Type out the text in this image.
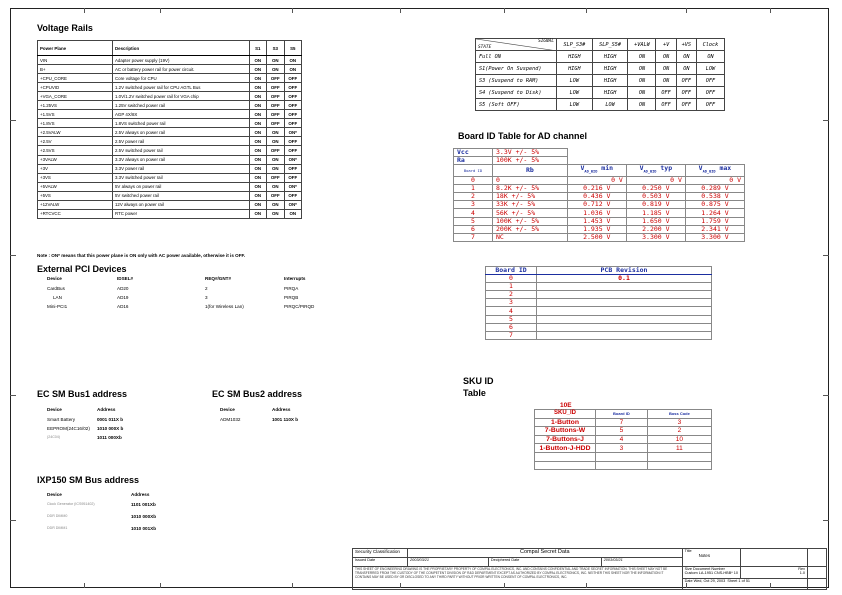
Voltage Rails
Power Plane	Description	S1	S3	S5
VIN	Adapter power supply (19V)	ON	ON	ON
B+	AC or battery power rail for power circuit.	ON	ON	ON
+CPU_CORE	Core voltage for CPU	ON	OFF	OFF
+CPUVID	1.2V switched power rail for CPU AGTL Bus	ON	OFF	OFF
+VGA_CORE	1.0V/1.2V switched power rail for VGA chip	ON	OFF	OFF
+1.25VS	1.25V switched power rail	ON	OFF	OFF
+1.5VS	AGP 4X/8X	ON	OFF	OFF
+1.8VS	1.8VS switched power rail	ON	OFF	OFF
+2.5VALW	2.5V always on power rail	ON	ON	ON*
+2.5V	2.5V power rail	ON	ON	OFF
+2.5VS	2.5V switched power rail	ON	OFF	OFF
+3VALW	3.3V always on power rail	ON	ON	ON*
+3V	3.3V power rail	ON	ON	OFF
+3VS	3.3V switched power rail	ON	OFF	OFF
+5VALW	5V always on power rail	ON	ON	ON*
+5VS	5V switched power rail	ON	OFF	OFF
+12VALW	12V always on power rail	ON	ON	ON*
+RTCVCC	RTC power	ON	ON	ON
Note : ON* means that this power plane is ON only with AC power available, otherwise it is OFF.
External PCI Devices
Device	IDSEL#	REQ#/GNT#	Interrupts
CardBus	AD20	2	PIRQA
LAN	AD19	3	PIRQB
Mini-PCI1	AD16	1(for Wireless Lan)	PIRQC/PIRQD
EC SM Bus1 address
Device	Address
Smart Battery	0001 011X b
EEPROM(24C16/02) 1010 000X b
(24C04)	1011 000Xb
EC SM Bus2 address
Device	Address
ADM1032	1001 110X b
IXP150 SM Bus address
Device	Address
Clock Generator (ICS951402)	1101 001Xb
DDR DIMM0	1010 000Xb
DDR DIMM1	1010 001Xb
SIGNAL
STATE	SLP_S3#	SLP_S5#	+VALW	+V	+VS	Clock
Full ON	HIGH	HIGH	ON	ON	ON	ON
S1(Power On Suspend)	HIGH	HIGH	ON	ON	ON	LOW
S3 (Suspend to RAM)	LOW	HIGH	ON	ON	OFF	OFF
S4 (Suspend to Disk)	LOW	HIGH	ON	OFF	OFF	OFF
S5 (Soft OFF)	LOW	LOW	ON	OFF	OFF	OFF
Board ID Table for AD channel
Vcc	3.3V +/- 5%			
Ra	100K +/- 5%			
Board ID	Rb	$V_{AD\_BID}$ min	$V_{AD\_BID}$ typ	$V_{AD\_BID}$ max
0	0	0 V	0 V	0 V
1	8.2K +/- 5%	0.216 V	0.250 V	0.289 V
2	18K +/- 5%	0.436 V	0.503 V	0.538 V
3	33K +/- 5%	0.712 V	0.819 V	0.875 V
4	56K +/- 5%	1.036 V	1.185 V	1.264 V
5	100K +/- 5%	1.453 V	1.650 V	1.759 V
6	200K +/- 5%	1.935 V	2.200 V	2.341 V
7	NC	2.500 V	3.300 V	3.300 V
Board ID	PCB Revision
0	0.1
1	
2	
3	
4	
5	
6	
7	
SKU ID
Table
10E
SKU_ID	Board ID	Boss Code
1-Button	7	3
7-Buttons-W	5	2
7-Buttons-J	4	10
1-Button-J-HDD	3	11

Security Classification	Compal Secret Data			Title
Notes		
Issued Date	2003/03/21	Deciphered Date	2003/03/21			
THIS SHEET OF ENGINEERING DRAWING IS THE PROPRIETARY PROPERTY OF COMPAL ELECTRONICS, INC. AND CONTAINS CONFIDENTIAL AND TRADE SECRET INFORMATION. THIS SHEET MAY NOT BE TRANSFERRED FROM THE CUSTODY OF THE COMPETENT DIVISION OF R&D DEPARTMENT EXCEPT AS AUTHORIZED BY COMPAL ELECTRONICS, INC. NEITHER THIS SHEET NOR THE INFORMATION IT CONTAINS MAY BE USED BY OR DISCLOSED TO ANY THIRD PARTY WITHOUT PRIOR WRITTEN CONSENT OF COMPAL ELECTRONICS, INC.				Size Document Number
Custom LA-1951 CNS-HBB* 10	Rev
1.0	
				Date Wed, Oct 29, 2003 Sheet 1 of 51		
